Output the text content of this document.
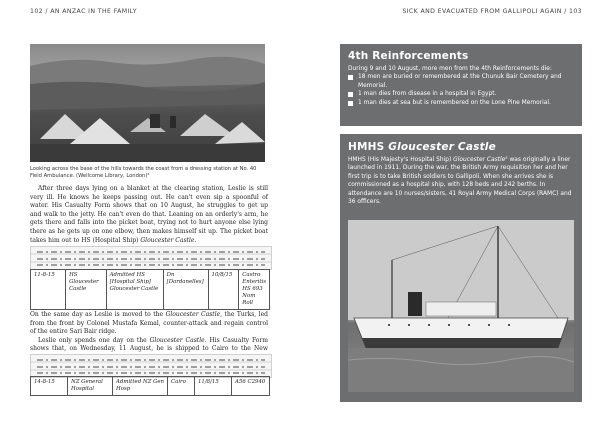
102 / AN ANZAC IN THE FAMILY
Looking across the base of the hills towards the coast from a dressing station at No. 40 Field Ambulance. (Wellcome Library, London)⁴
After three days lying on a blanket at the clearing station, Leslie is still very ill. He knows he keeps passing out. He can't even sip a spoonful of water. His Casualty Form shows that on 10 August, he struggles to get up and walk to the jetty. He can't even do that. Leaning on an orderly's arm, he gets there and falls into the picket boat, trying not to hurt anyone else lying there as he gets up on one elbow, then makes himself sit up. The picket boat takes him out to HS (Hospital Ship) Gloucester Castle.
11-8-15	HS Gloucester Castle	Admitted HS [Hospital Ship] Gloucester Castle	Dn [Dardanelles]	10/8/15	Castro Enteritis HS 693 Nom Roll
On the same day as Leslie is moved to the Gloucester Castle, the Turks, led from the front by Colonel Mustafa Kemal, counter-attack and regain control of the entire Sari Bair ridge.
Leslie only spends one day on the Gloucester Castle. His Casualty Form shows that, on Wednesday, 11 August, he is shipped to Cairo to the New
14-8-15	NZ General Hospital	Admitted NZ Gen Hosp	Cairo	11/8/15	A56 C2940
SICK AND EVACUATED FROM GALLIPOLI AGAIN / 103
4th Reinforcements
During 9 and 10 August, more men from the 4th Reinforcements die:
18 men are buried or remembered at the Chunuk Bair Cemetery and Memorial.
1 man dies from disease in a hospital in Egypt.
1 man dies at sea but is remembered on the Lone Pine Memorial.
HMHS Gloucester Castle
HMHS (His Majesty's Hospital Ship) Gloucester Castle⁵ was originally a liner launched in 1911. During the war, the British Army requisition her and her first trip is to take British soldiers to Gallipoli. When she arrives she is commissioned as a hospital ship, with 128 beds and 242 berths. In attendance are 10 nurses/sisters, 41 Royal Army Medical Corps (RAMC) and 36 officers.
